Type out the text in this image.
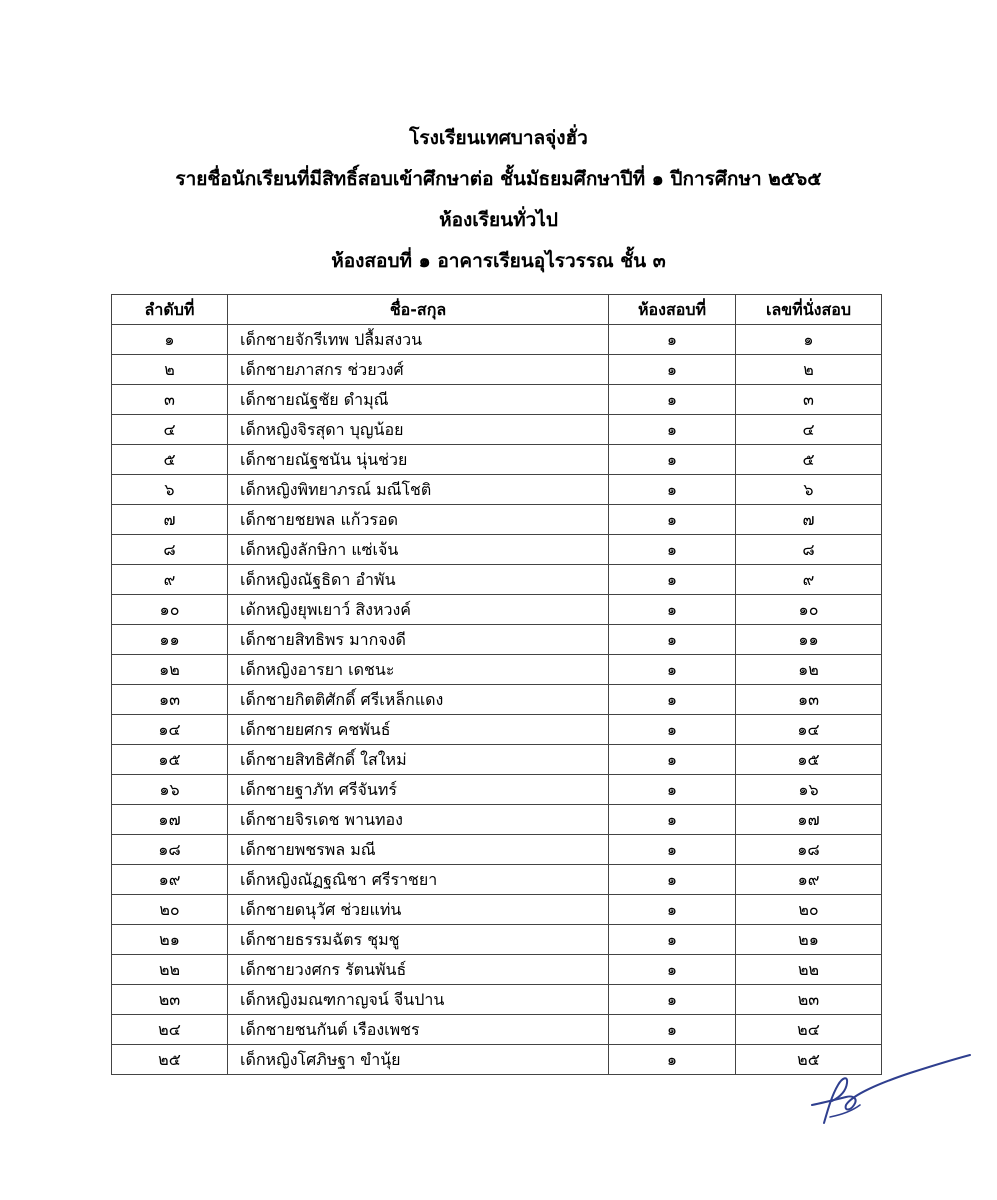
โรงเรียนเทศบาลจุ่งฮั่ว
รายชื่อนักเรียนที่มีสิทธิ์สอบเข้าศึกษาต่อ ชั้นมัธยมศึกษาปีที่ ๑ ปีการศึกษา ๒๕๖๕
ห้องเรียนทั่วไป
ห้องสอบที่ ๑ อาคารเรียนอุไรวรรณ ชั้น ๓
ลำดับที่	ชื่อ-สกุล	ห้องสอบที่	เลขที่นั่งสอบ
๑	เด็กชายจักรีเทพ ปลื้มสงวน	๑	๑
๒	เด็กชายภาสกร ช่วยวงศ์	๑	๒
๓	เด็กชายณัฐชัย ดำมุณี	๑	๓
๔	เด็กหญิงจิรสุดา บุญน้อย	๑	๔
๕	เด็กชายณัฐชนัน นุ่นช่วย	๑	๕
๖	เด็กหญิงพิทยาภรณ์ มณีโชติ	๑	๖
๗	เด็กชายชยพล แก้วรอด	๑	๗
๘	เด็กหญิงลักษิกา แซ่เจ้น	๑	๘
๙	เด็กหญิงณัฐธิดา อำพัน	๑	๙
๑๐	เด้กหญิงยุพเยาว์ สิงหวงค์	๑	๑๐
๑๑	เด็กชายสิทธิพร มากจงดี	๑	๑๑
๑๒	เด็กหญิงอารยา เดชนะ	๑	๑๒
๑๓	เด็กชายกิตติศักดิ์ ศรีเหล็กแดง	๑	๑๓
๑๔	เด็กชายยศกร คชพันธ์	๑	๑๔
๑๕	เด็กชายสิทธิศักดิ์ ใสใหม่	๑	๑๕
๑๖	เด็กชายฐาภัท ศรีจันทร์	๑	๑๖
๑๗	เด็กชายจิรเดช พานทอง	๑	๑๗
๑๘	เด็กชายพชรพล มณี	๑	๑๘
๑๙	เด็กหญิงณัฏฐณิชา ศรีราชยา	๑	๑๙
๒๐	เด็กชายดนุวัศ ช่วยแท่น	๑	๒๐
๒๑	เด็กชายธรรมฉัตร ชุมชู	๑	๒๑
๒๒	เด็กชายวงศกร รัตนพันธ์	๑	๒๒
๒๓	เด็กหญิงมณฑกาญจน์ จีนปาน	๑	๒๓
๒๔	เด็กชายชนกันต์ เรืองเพชร	๑	๒๔
๒๕	เด็กหญิงโศภิษฐา ขำนุ้ย	๑	๒๕
